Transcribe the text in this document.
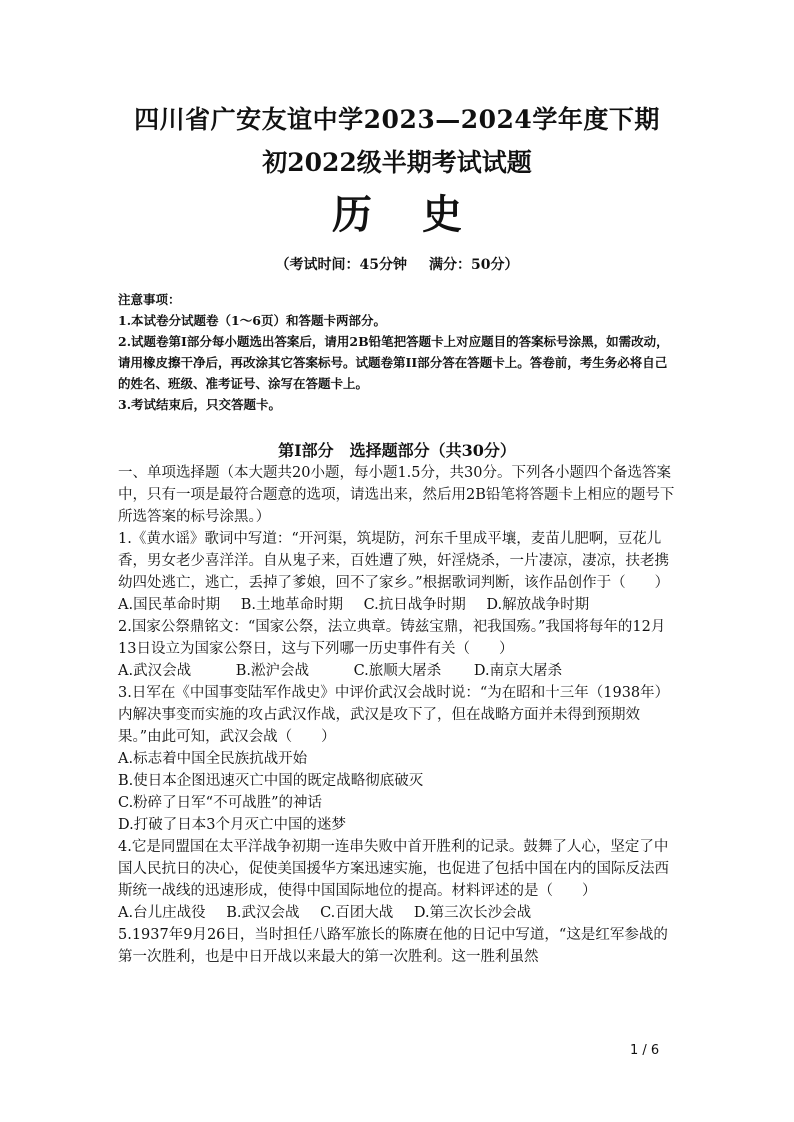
四川省广安友谊中学2023—2024学年度下期
初2022级半期考试试题
历 史
（考试时间：45分钟 满分：50分）

注意事项：

1.本试卷分试题卷（1～6页）和答题卡两部分。

2.试题卷第Ⅰ部分每小题选出答案后，请用2B铅笔把答题卡上对应题目的答案标号涂黑，如需改动，请用橡皮擦干净后，再改涂其它答案标号。试题卷第II部分答在答题卡上。答卷前，考生务必将自己的姓名、班级、准考证号、涂写在答题卡上。

3.考试结束后，只交答题卡。

第Ⅰ部分　选择题部分（共30分）

一、单项选择题（本大题共20小题，每小题1.5分，共30分。下列各小题四个备选答案中，只有一项是最符合题意的选项，请选出来，然后用2B铅笔将答题卡上相应的题号下所选答案的标号涂黑。）

1.《黄水谣》歌词中写道：“开河渠，筑堤防，河东千里成平壤，麦苗儿肥啊，豆花儿香，男女老少喜洋洋。自从鬼子来，百姓遭了殃，奸淫烧杀，一片凄凉，凄凉，扶老携幼四处逃亡，逃亡，丢掉了爹娘，回不了家乡。”根据歌词判断，该作品创作于（　　）

A.国民革命时期 B.土地革命时期 C.抗日战争时期 D.解放战争时期

2.国家公祭鼎铭文：“国家公祭，法立典章。铸兹宝鼎，祀我国殇。”我国将每年的12月13日设立为国家公祭日，这与下列哪一历史事件有关（　　）

A.武汉会战	B.淞沪会战	C.旅顺大屠杀 D.南京大屠杀

3.日军在《中国事变陆军作战史》中评价武汉会战时说：“为在昭和十三年（1938年）内解决事变而实施的攻占武汉作战，武汉是攻下了，但在战略方面并未得到预期效果。”由此可知，武汉会战（　　）

A.标志着中国全民族抗战开始

B.使日本企图迅速灭亡中国的既定战略彻底破灭

C.粉碎了日军“不可战胜”的神话

D.打破了日本3个月灭亡中国的迷梦

4.它是同盟国在太平洋战争初期一连串失败中首开胜利的记录。鼓舞了人心，坚定了中国人民抗日的决心，促使美国援华方案迅速实施，也促进了包括中国在内的国际反法西斯统一战线的迅速形成，使得中国国际地位的提高。材料评述的是（　　）

A.台儿庄战役 B.武汉会战 C.百团大战 D.第三次长沙会战

5.1937年9月26日，当时担任八路军旅长的陈赓在他的日记中写道，“这是红军参战的第一次胜利，也是中日开战以来最大的第一次胜利。这一胜利虽然

1 / 6
